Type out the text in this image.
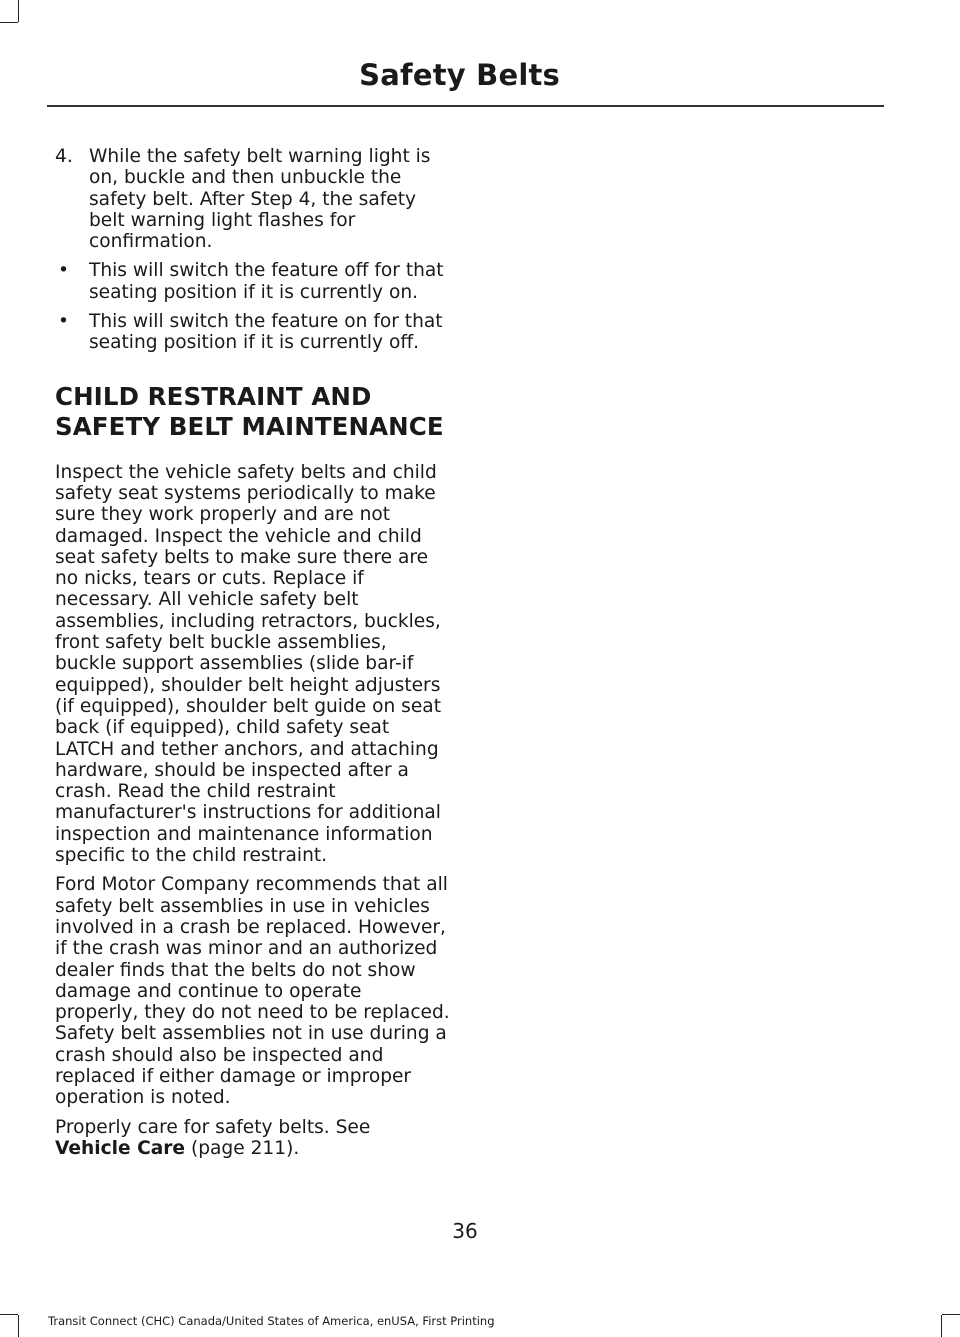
Safety Belts
4. While the safety belt warning light is on, buckle and then unbuckle the safety belt. After Step 4, the safety belt warning light flashes for confirmation.
• This will switch the feature off for that seating position if it is currently on.
• This will switch the feature on for that seating position if it is currently off.
CHILD RESTRAINT AND
SAFETY BELT MAINTENANCE

Inspect the vehicle safety belts and child safety seat systems periodically to make sure they work properly and are not damaged. Inspect the vehicle and child seat safety belts to make sure there are no nicks, tears or cuts. Replace if necessary. All vehicle safety belt assemblies, including retractors, buckles, front safety belt buckle assemblies, buckle support assemblies (slide bar-if equipped), shoulder belt height adjusters (if equipped), shoulder belt guide on seat back (if equipped), child safety seat LATCH and tether anchors, and attaching hardware, should be inspected after a crash. Read the child restraint manufacturer's instructions for additional inspection and maintenance information specific to the child restraint.

Ford Motor Company recommends that all safety belt assemblies in use in vehicles involved in a crash be replaced. However, if the crash was minor and an authorized dealer finds that the belts do not show damage and continue to operate properly, they do not need to be replaced. Safety belt assemblies not in use during a crash should also be inspected and replaced if either damage or improper operation is noted.

Properly care for safety belts. See Vehicle Care (page 211).

36
Transit Connect (CHC) Canada/United States of America, enUSA, First Printing
